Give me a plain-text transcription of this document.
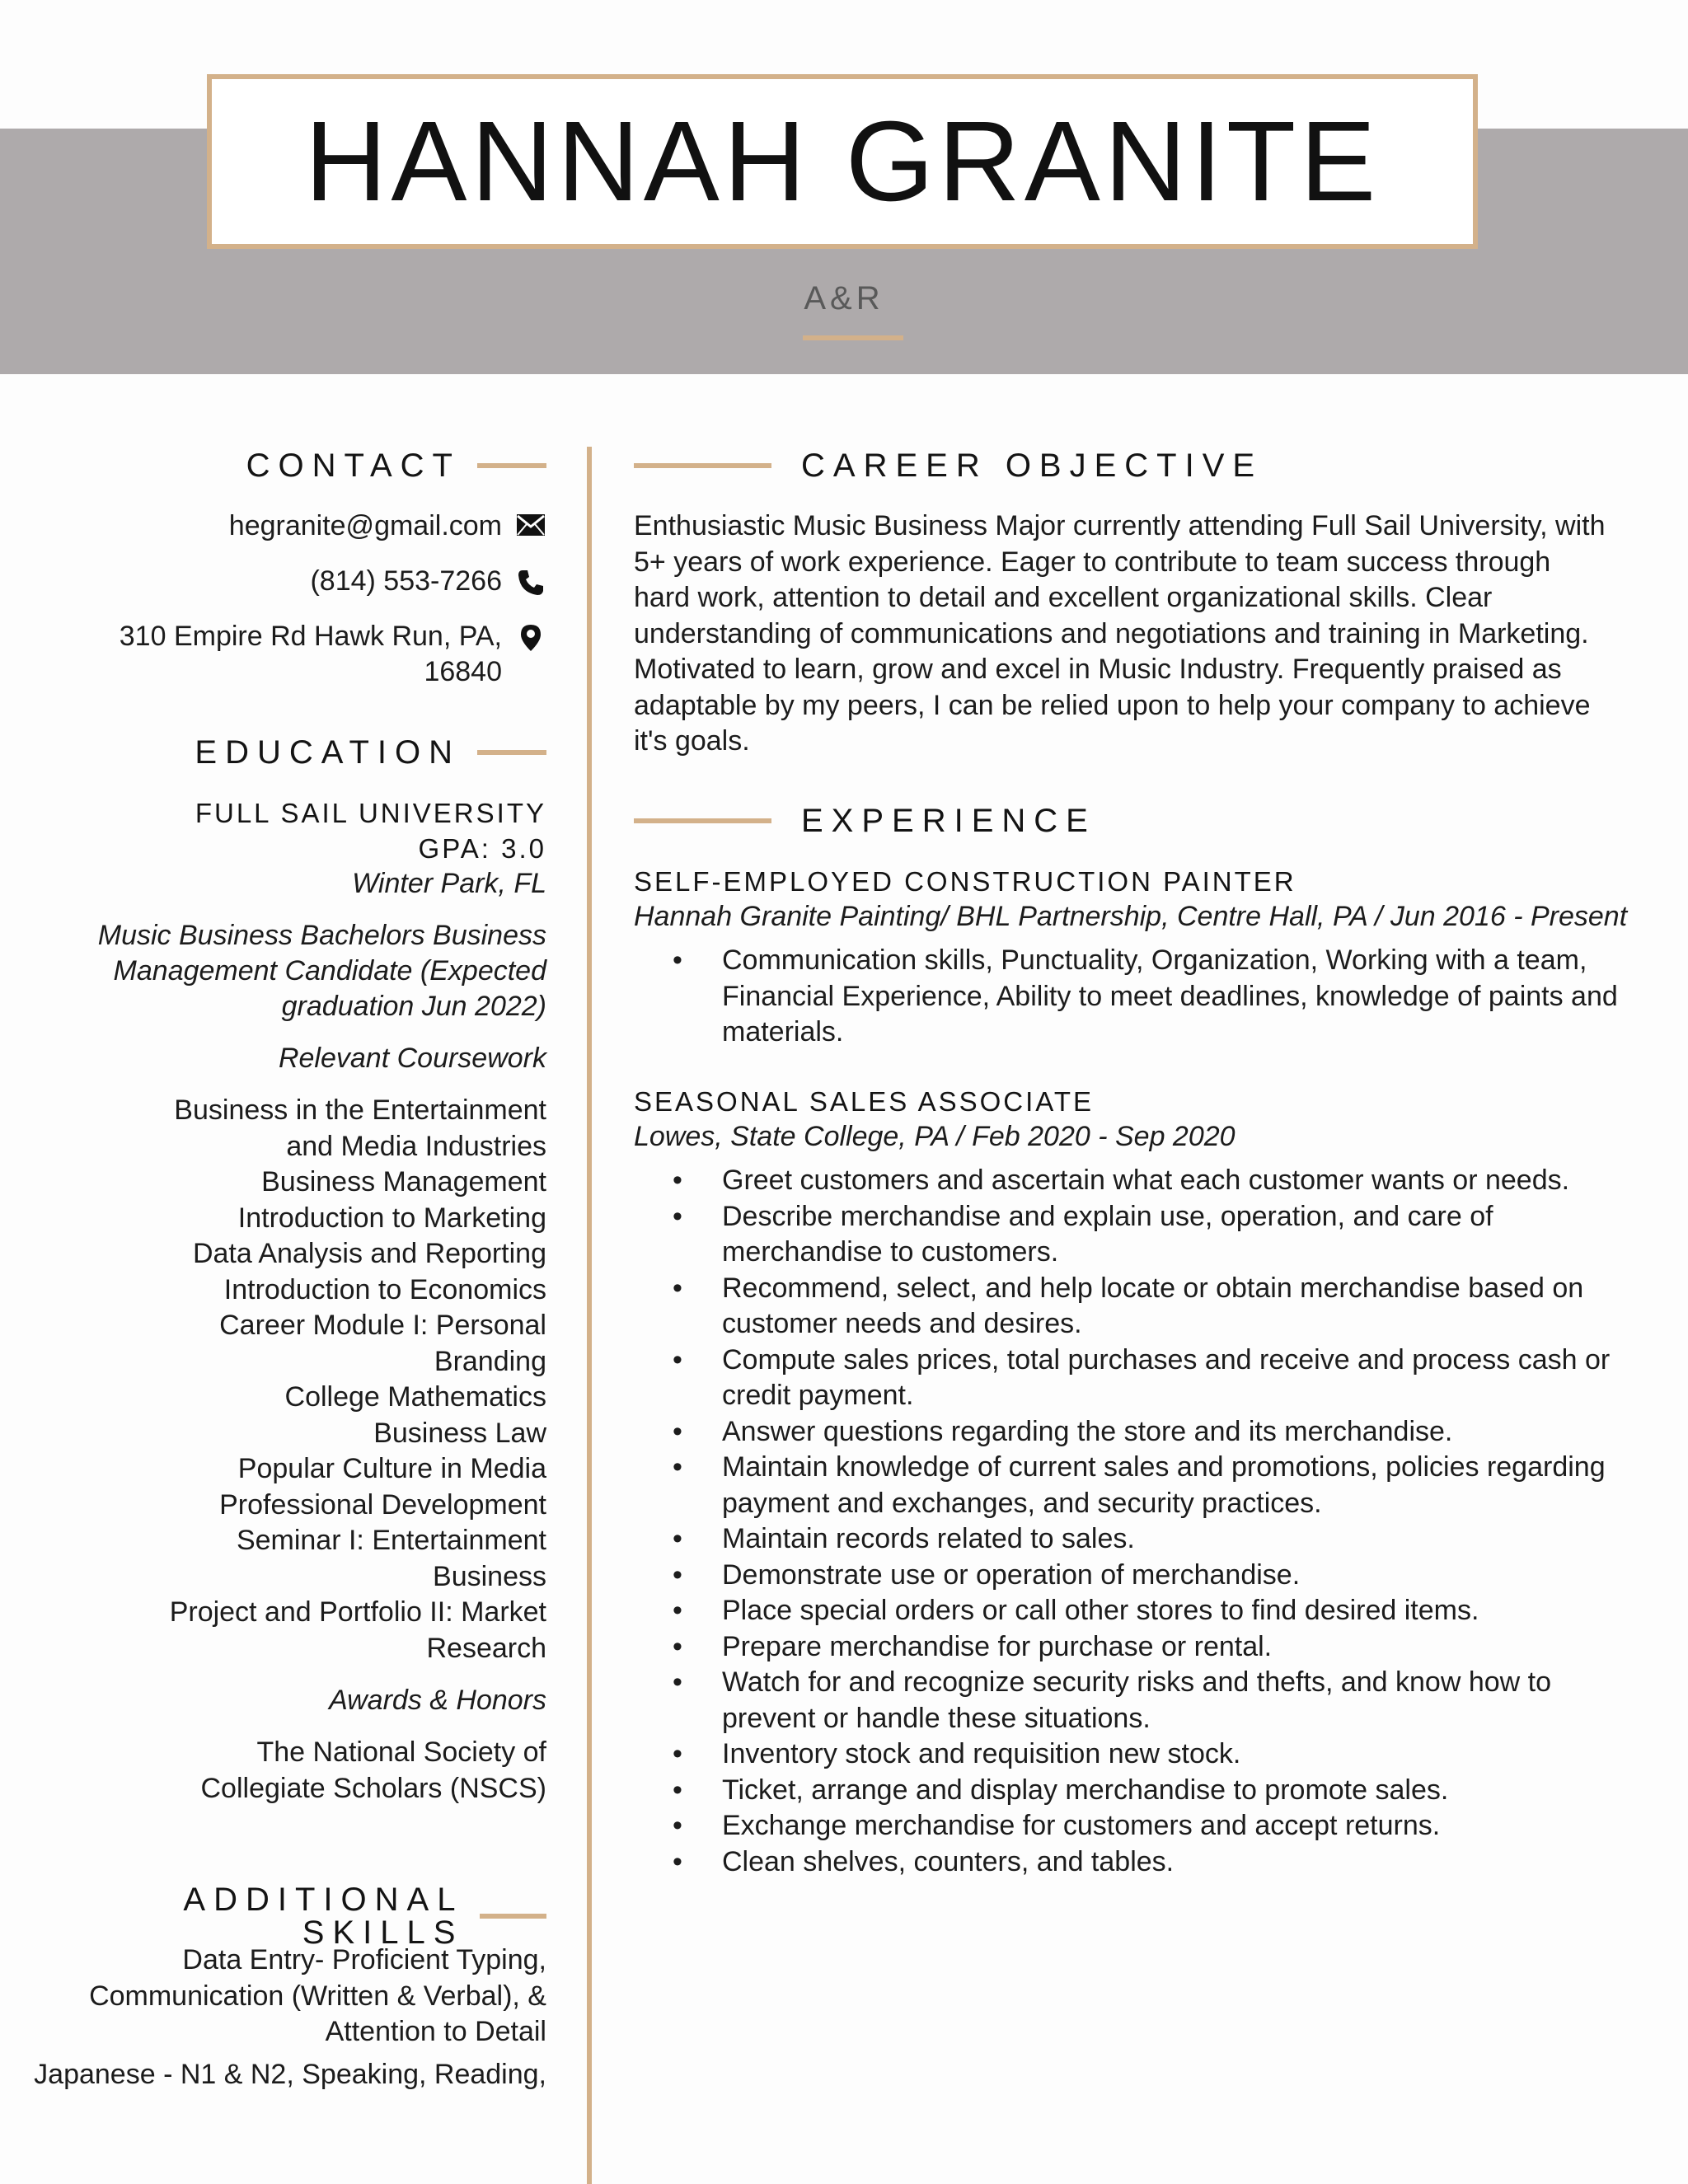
HANNAH GRANITE
A&R
CONTACT
hegranite@gmail.com
(814) 553-7266
310 Empire Rd Hawk Run, PA,
16840
EDUCATION
FULL SAIL UNIVERSITY
GPA: 3.0
Winter Park, FL
Music Business Bachelors Business
Management Candidate (Expected
graduation Jun 2022)
Relevant Coursework
Business in the Entertainment
and Media Industries
Business Management
Introduction to Marketing
Data Analysis and Reporting
Introduction to Economics
Career Module I: Personal
Branding
College Mathematics
Business Law
Popular Culture in Media
Professional Development
Seminar I: Entertainment
Business
Project and Portfolio II: Market
Research
Awards & Honors
The National Society of
Collegiate Scholars (NSCS)
ADDITIONAL SKILLS
Data Entry- Proficient Typing,
Communication (Written & Verbal), &
Attention to Detail
Japanese - N1 & N2, Speaking, Reading,
CAREER OBJECTIVE
Enthusiastic Music Business Major currently attending Full Sail University, with
5+ years of work experience. Eager to contribute to team success through
hard work, attention to detail and excellent organizational skills. Clear
understanding of communications and negotiations and training in Marketing.
Motivated to learn, grow and excel in Music Industry. Frequently praised as
adaptable by my peers, I can be relied upon to help your company to achieve
it's goals.
EXPERIENCE
SELF-EMPLOYED CONSTRUCTION PAINTER
Hannah Granite Painting/ BHL Partnership, Centre Hall, PA / Jun 2016 - Present
• Communication skills, Punctuality, Organization, Working with a team,
Financial Experience, Ability to meet deadlines, knowledge of paints and
materials.
SEASONAL SALES ASSOCIATE
Lowes, State College, PA / Feb 2020 - Sep 2020
• Greet customers and ascertain what each customer wants or needs.
• Describe merchandise and explain use, operation, and care of
merchandise to customers.
• Recommend, select, and help locate or obtain merchandise based on
customer needs and desires.
• Compute sales prices, total purchases and receive and process cash or
credit payment.
• Answer questions regarding the store and its merchandise.
• Maintain knowledge of current sales and promotions, policies regarding
payment and exchanges, and security practices.
• Maintain records related to sales.
• Demonstrate use or operation of merchandise.
• Place special orders or call other stores to find desired items.
• Prepare merchandise for purchase or rental.
• Watch for and recognize security risks and thefts, and know how to
prevent or handle these situations.
• Inventory stock and requisition new stock.
• Ticket, arrange and display merchandise to promote sales.
• Exchange merchandise for customers and accept returns.
• Clean shelves, counters, and tables.
